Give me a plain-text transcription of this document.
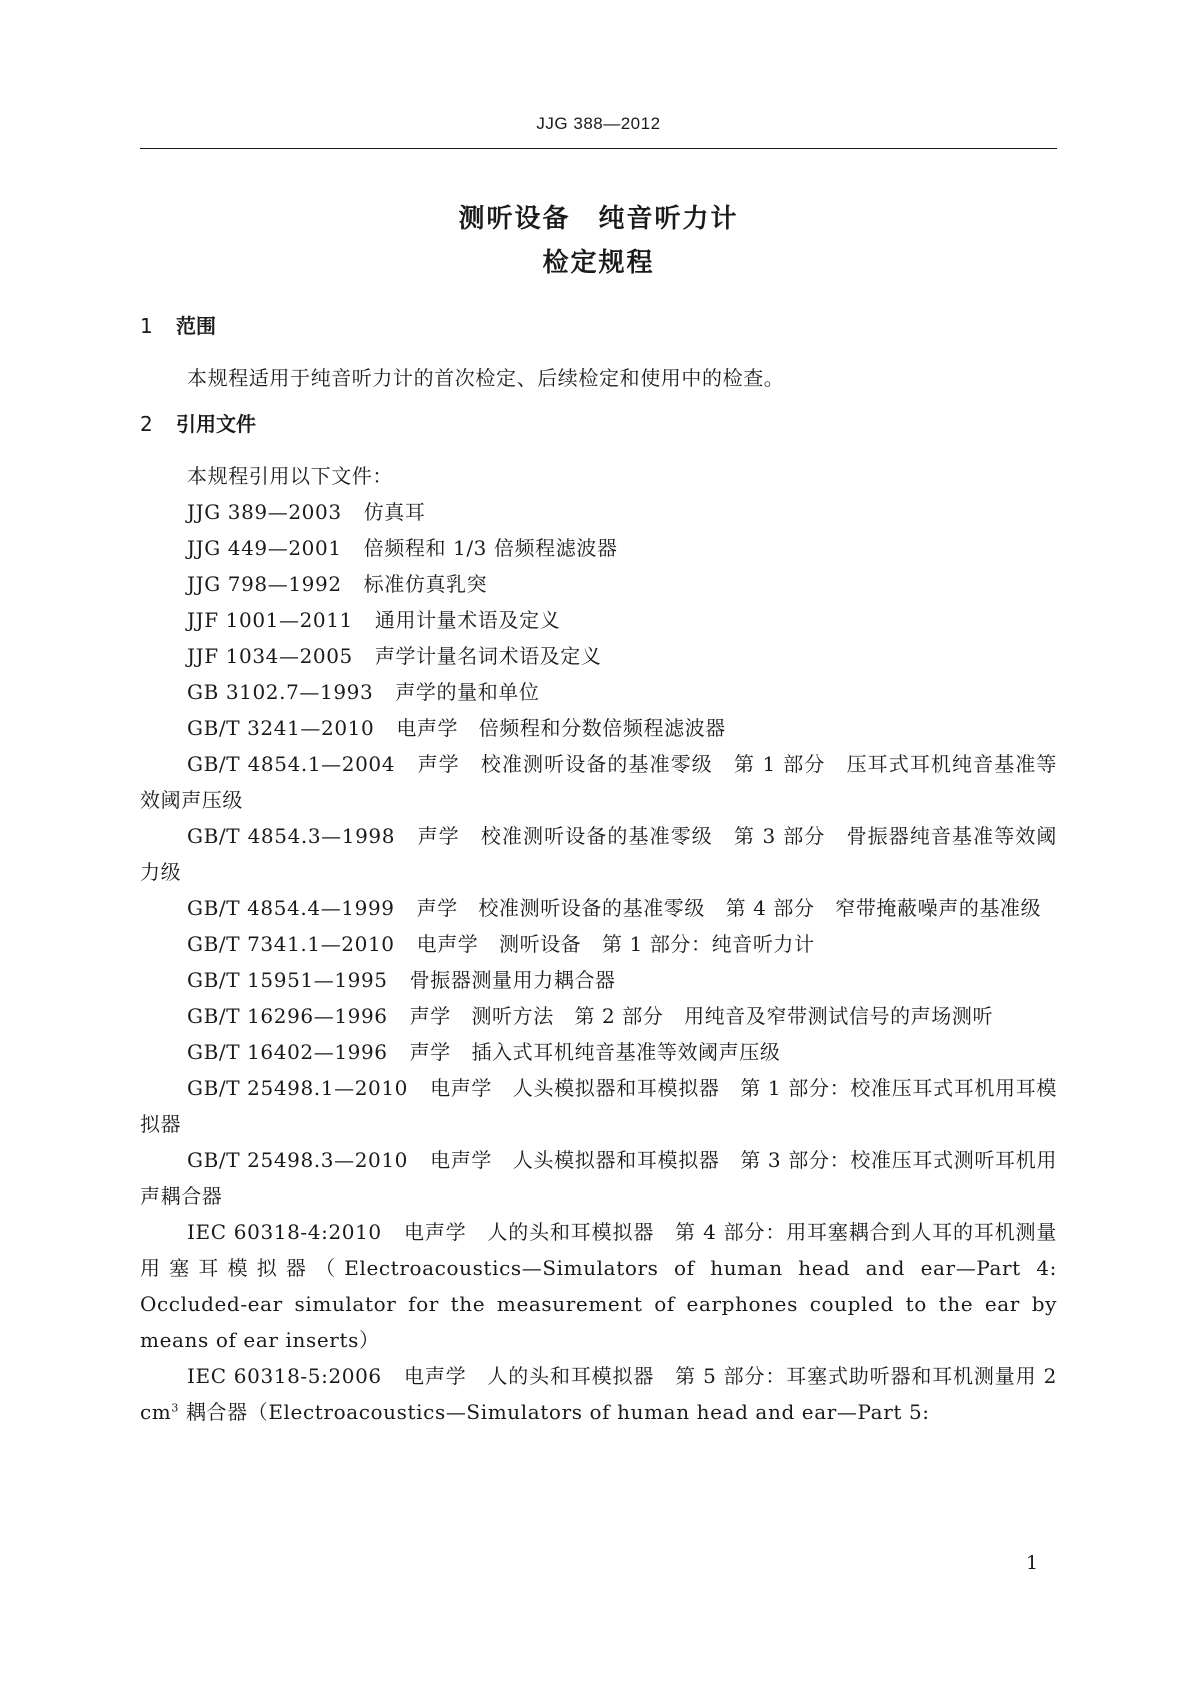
JJG 388—2012
测听设备　纯音听力计
检定规程
1 范围

本规程适用于纯音听力计的首次检定、后续检定和使用中的检查。

2 引用文件

本规程引用以下文件：

JJG 389—2003 仿真耳

JJG 449—2001 倍频程和 1/3 倍频程滤波器

JJG 798—1992 标准仿真乳突

JJF 1001—2011 通用计量术语及定义

JJF 1034—2005 声学计量名词术语及定义

GB 3102.7—1993 声学的量和单位

GB/T 3241—2010 电声学　倍频程和分数倍频程滤波器

GB/T 4854.1—2004 声学　校准测听设备的基准零级　第 1 部分　压耳式耳机纯音基准等效阈声压级

GB/T 4854.3—1998 声学　校准测听设备的基准零级　第 3 部分　骨振器纯音基准等效阈力级

GB/T 4854.4—1999 声学　校准测听设备的基准零级　第 4 部分　窄带掩蔽噪声的基准级

GB/T 7341.1—2010 电声学　测听设备　第 1 部分：纯音听力计

GB/T 15951—1995 骨振器测量用力耦合器

GB/T 16296—1996 声学　测听方法　第 2 部分　用纯音及窄带测试信号的声场测听

GB/T 16402—1996 声学　插入式耳机纯音基准等效阈声压级

GB/T 25498.1—2010 电声学　人头模拟器和耳模拟器　第 1 部分：校准压耳式耳机用耳模拟器

GB/T 25498.3—2010 电声学　人头模拟器和耳模拟器　第 3 部分：校准压耳式测听耳机用声耦合器

IEC 60318-4:2010 电声学　人的头和耳模拟器　第 4 部分：用耳塞耦合到人耳的耳机测量用塞耳模拟器（Electroacoustics—Simulators of human head and ear—Part 4: Occluded-ear simulator for the measurement of earphones coupled to the ear by means of ear inserts）

IEC 60318-5:2006 电声学　人的头和耳模拟器　第 5 部分：耳塞式助听器和耳机测量用 2 $cm^3$ 耦合器（Electroacoustics—Simulators of human head and ear—Part 5:

1
